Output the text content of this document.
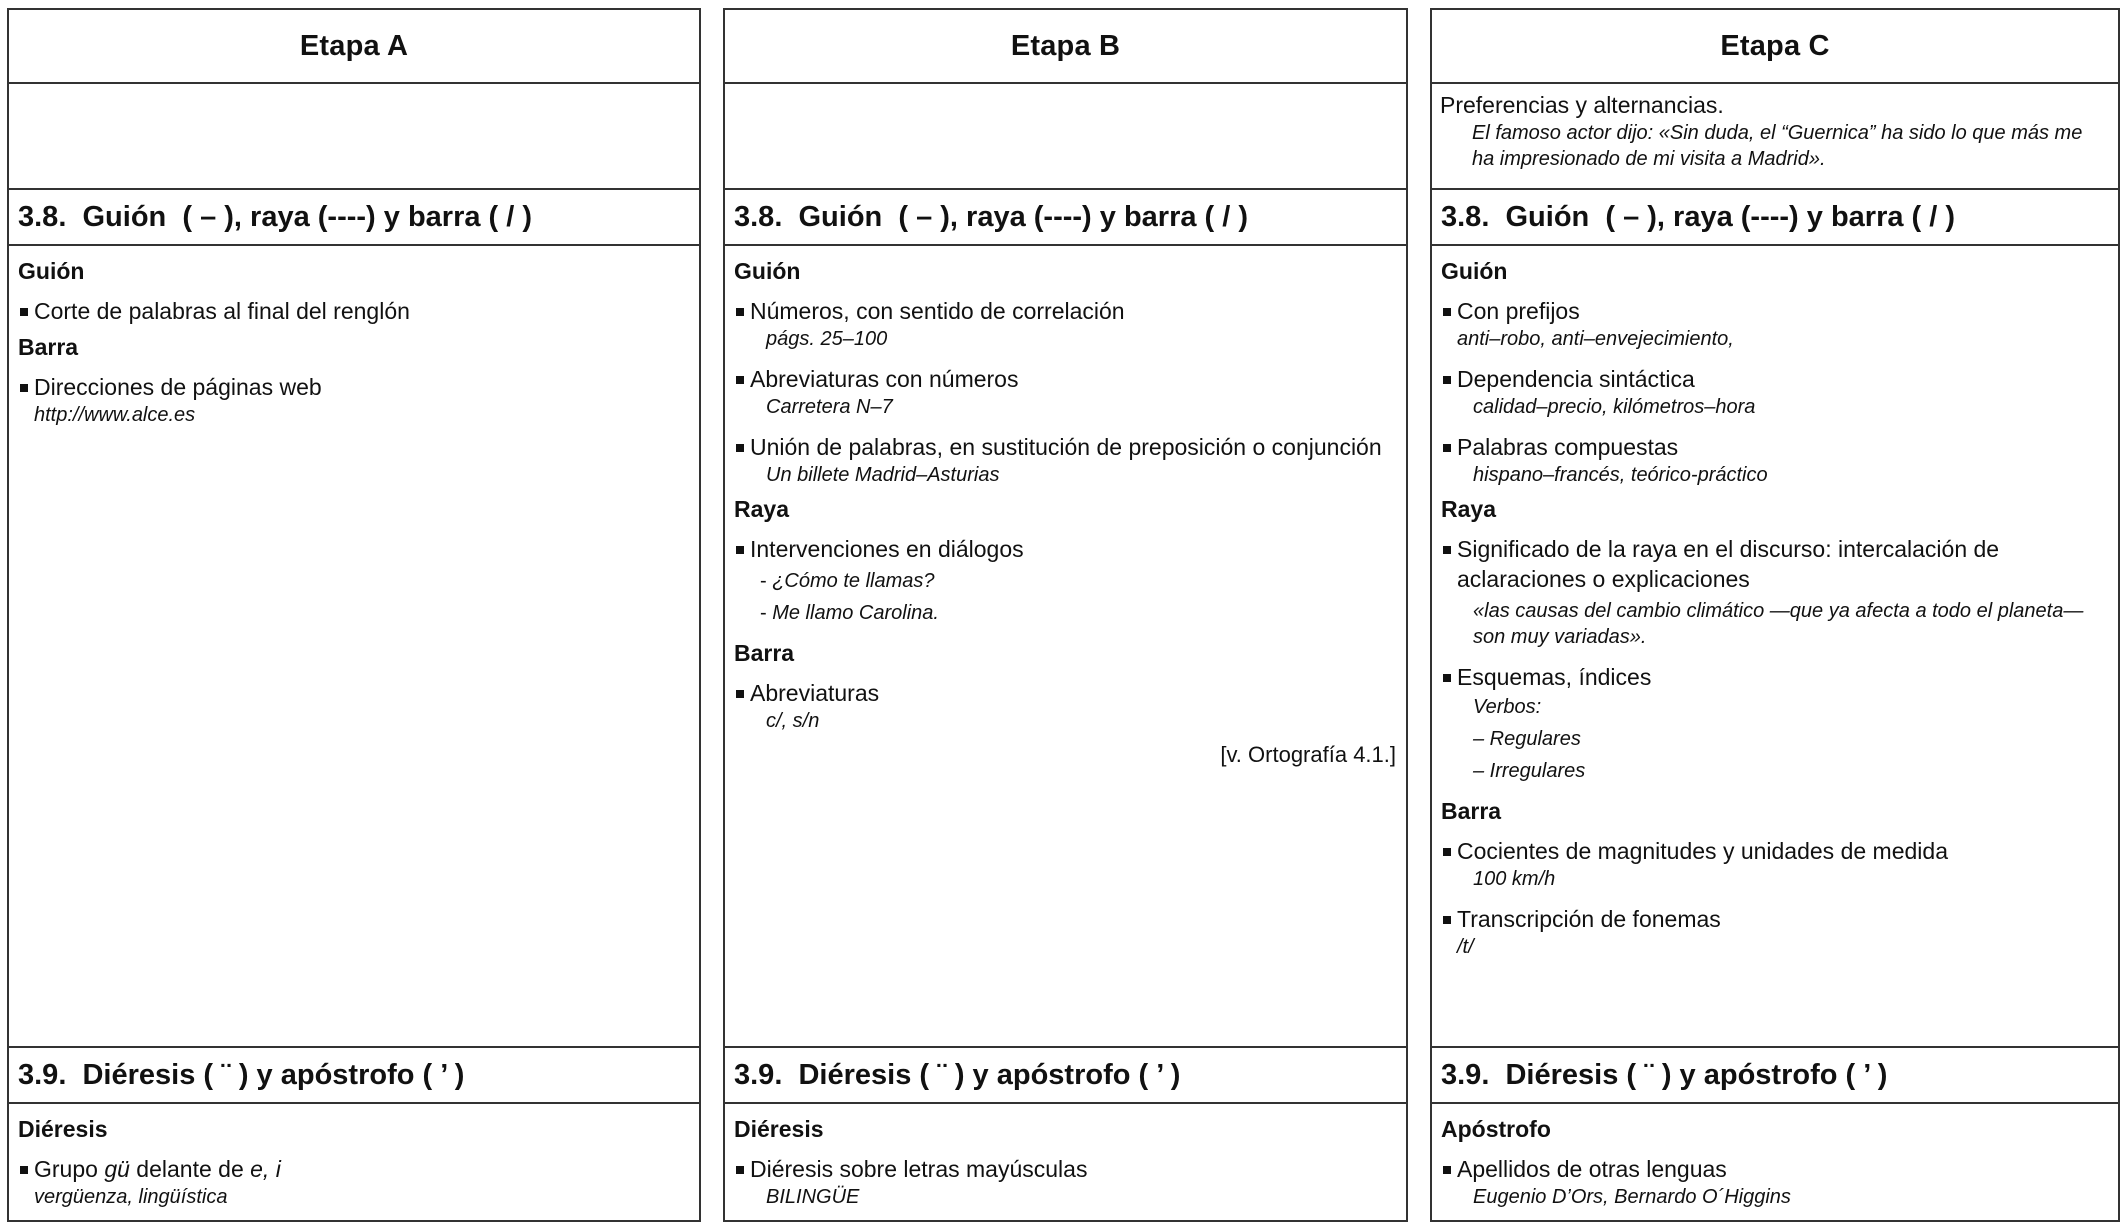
Etapa A
3.8.  Guión  ( – ), raya (----) y barra ( / )
Guión
Corte de palabras al final del renglón
Barra
Direcciones de páginas web
http://www.alce.es
3.9.  Diéresis ( ¨ ) y apóstrofo ( ’ )
Diéresis
Grupo gü delante de e, i
vergüenza, lingüística
Etapa B
3.8.  Guión  ( – ), raya (----) y barra ( / )
Guión
Números, con sentido de correlación
págs. 25–100
Abreviaturas con números
Carretera N–7
Unión de palabras, en sustitución de preposición o conjunción
Un billete Madrid–Asturias
Raya
Intervenciones en diálogos
- ¿Cómo te llamas?
- Me llamo Carolina.
Barra
Abreviaturas
c/, s/n
[v. Ortografía 4.1.]
3.9.  Diéresis ( ¨ ) y apóstrofo ( ’ )
Diéresis
Diéresis sobre letras mayúsculas
BILINGÜE
Etapa C
Preferencias y alternancias.
El famoso actor dijo: «Sin duda, el “Guernica” ha sido lo que más me ha impresionado de mi visita a Madrid».
3.8.  Guión  ( – ), raya (----) y barra ( / )
Guión
Con prefijos
anti–robo, anti–envejecimiento,
Dependencia sintáctica
calidad–precio, kilómetros–hora
Palabras compuestas
hispano–francés, teórico-práctico
Raya
Significado de la raya en el discurso: intercalación de aclaraciones o explicaciones
«las causas del cambio climático —que ya afecta a todo el planeta— son muy variadas».
Esquemas, índices
Verbos:
– Regulares
– Irregulares
Barra
Cocientes de magnitudes y unidades de medida
100 km/h
Transcripción de fonemas
/t/
3.9.  Diéresis ( ¨ ) y apóstrofo ( ’ )
Apóstrofo
Apellidos de otras lenguas
Eugenio D’Ors, Bernardo O´Higgins
